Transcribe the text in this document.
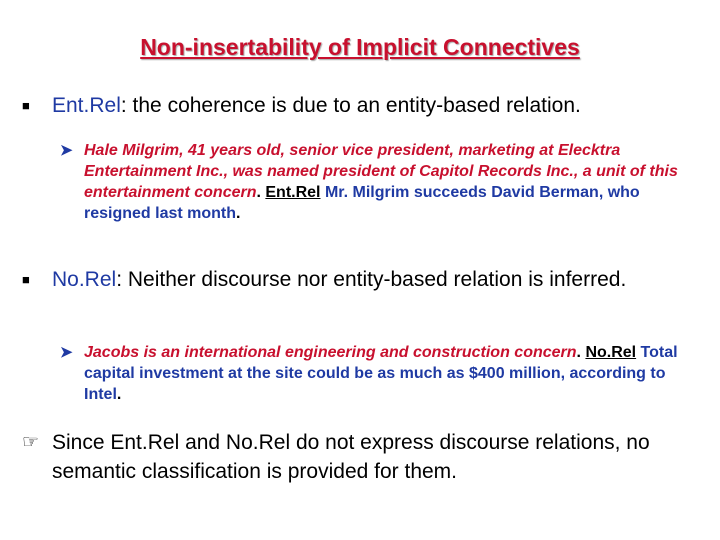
Non-insertability of Implicit Connectives
■ Ent.Rel: the coherence is due to an entity-based relation.
➤ Hale Milgrim, 41 years old, senior vice president, marketing at Elecktra Entertainment Inc., was named president of Capitol Records Inc., a unit of this entertainment concern. Ent.Rel Mr. Milgrim succeeds David Berman, who resigned last month.
■ No.Rel: Neither discourse nor entity-based relation is inferred.
➤ Jacobs is an international engineering and construction concern. No.Rel Total capital investment at the site could be as much as $400 million, according to Intel.
☞ Since Ent.Rel and No.Rel do not express discourse relations, no semantic classification is provided for them.
